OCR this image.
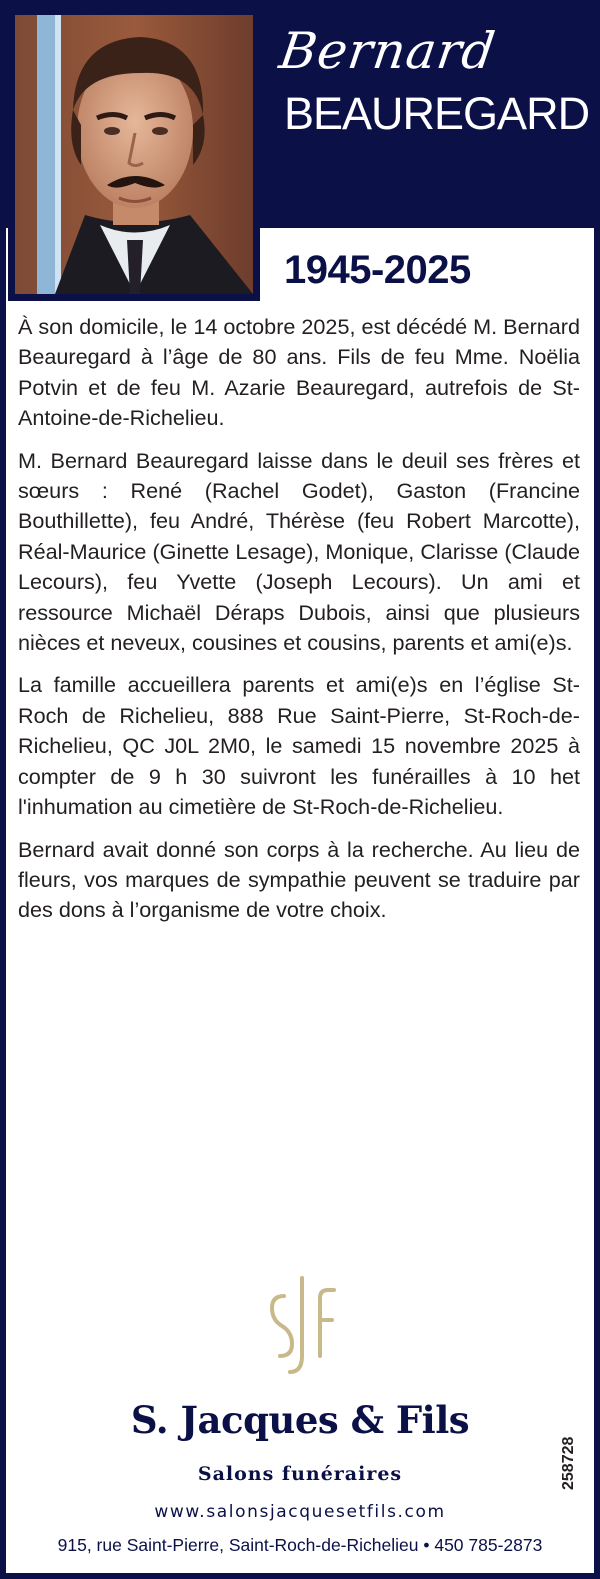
Bernard
BEAUREGARD
1945-2025

À son domicile, le 14 octobre 2025, est décédé M. Bernard Beauregard à l’âge de 80 ans. Fils de feu Mme. Noëlia Potvin et de feu M. Azarie Beauregard, autrefois de St-Antoine-de-Richelieu.

M. Bernard Beauregard laisse dans le deuil ses frères et sœurs : René (Rachel Godet), Gaston (Francine Bouthillette), feu André, Thérèse (feu Robert Marcotte), Réal-Maurice (Ginette Lesage), Monique, Clarisse (Claude Lecours), feu Yvette (Joseph Lecours). Un ami et ressource Michaël Déraps Dubois, ainsi que plusieurs nièces et neveux, cousines et cousins, parents et ami(e)s.

La famille accueillera parents et ami(e)s en l’église St-Roch de Richelieu, 888 Rue Saint-Pierre, St-Roch-de-Richelieu, QC J0L 2M0, le samedi 15 novembre 2025 à compter de 9 h 30 suivront les funérailles à 10 het l'inhumation au cimetière de St-Roch-de-Richelieu.

Bernard avait donné son corps à la recherche. Au lieu de fleurs, vos marques de sympathie peuvent se traduire par des dons à l’organisme de votre choix.

S. Jacques & Fils
Salons funéraires
www.salonsjacquesetfils.com
915, rue Saint-Pierre, Saint-Roch-de-Richelieu • 450 785-2873
258728
